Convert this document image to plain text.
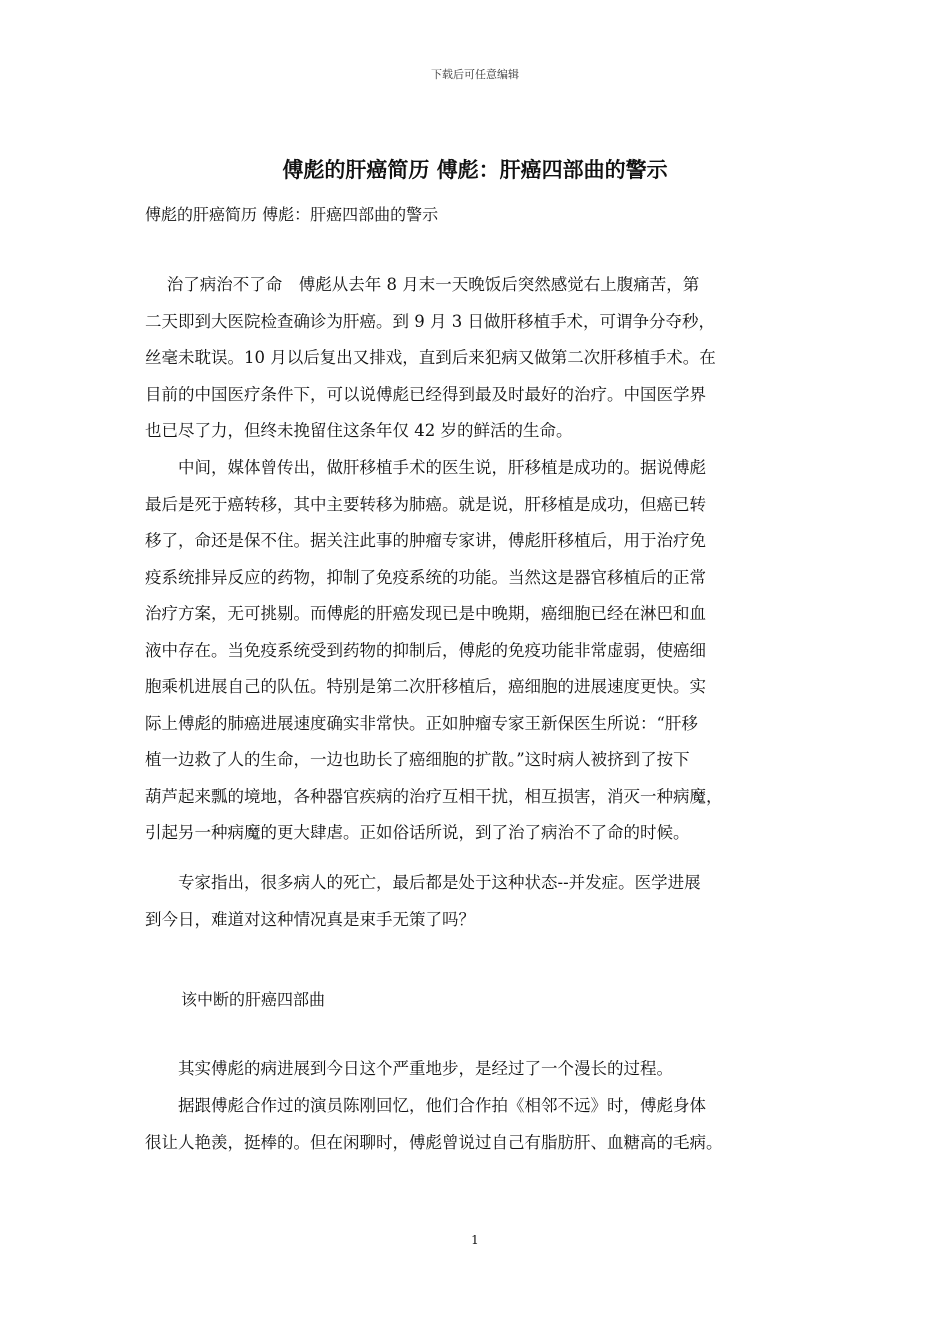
下载后可任意编辑
傅彪的肝癌简历 傅彪：肝癌四部曲的警示
傅彪的肝癌简历 傅彪：肝癌四部曲的警示
　 治了病治不了命　傅彪从去年 8 月末一天晚饭后突然感觉右上腹痛苦，第
二天即到大医院检查确诊为肝癌。到 9 月 3 日做肝移植手术，可谓争分夺秒，
丝毫未耽误。10 月以后复出又排戏，直到后来犯病又做第二次肝移植手术。在
目前的中国医疗条件下，可以说傅彪已经得到最及时最好的治疗。中国医学界
也已尽了力，但终未挽留住这条年仅 42 岁的鲜活的生命。
　　中间，媒体曾传出，做肝移植手术的医生说，肝移植是成功的。据说傅彪
最后是死于癌转移，其中主要转移为肺癌。就是说，肝移植是成功，但癌已转
移了，命还是保不住。据关注此事的肿瘤专家讲，傅彪肝移植后，用于治疗免
疫系统排异反应的药物，抑制了免疫系统的功能。当然这是器官移植后的正常
治疗方案，无可挑剔。而傅彪的肝癌发现已是中晚期，癌细胞已经在淋巴和血
液中存在。当免疫系统受到药物的抑制后，傅彪的免疫功能非常虚弱，使癌细
胞乘机进展自己的队伍。特别是第二次肝移植后，癌细胞的进展速度更快。实
际上傅彪的肺癌进展速度确实非常快。正如肿瘤专家王新保医生所说：“肝移
植一边救了人的生命，一边也助长了癌细胞的扩散。”这时病人被挤到了按下
葫芦起来瓢的境地，各种器官疾病的治疗互相干扰，相互损害，消灭一种病魔，
引起另一种病魔的更大肆虐。正如俗话所说，到了治了病治不了命的时候。
　　专家指出，很多病人的死亡，最后都是处于这种状态--并发症。医学进展
到今日，难道对这种情况真是束手无策了吗？
该中断的肝癌四部曲
　　其实傅彪的病进展到今日这个严重地步，是经过了一个漫长的过程。
　　据跟傅彪合作过的演员陈刚回忆，他们合作拍《相邻不远》时，傅彪身体
很让人艳羡，挺棒的。但在闲聊时，傅彪曾说过自己有脂肪肝、血糖高的毛病。
1
